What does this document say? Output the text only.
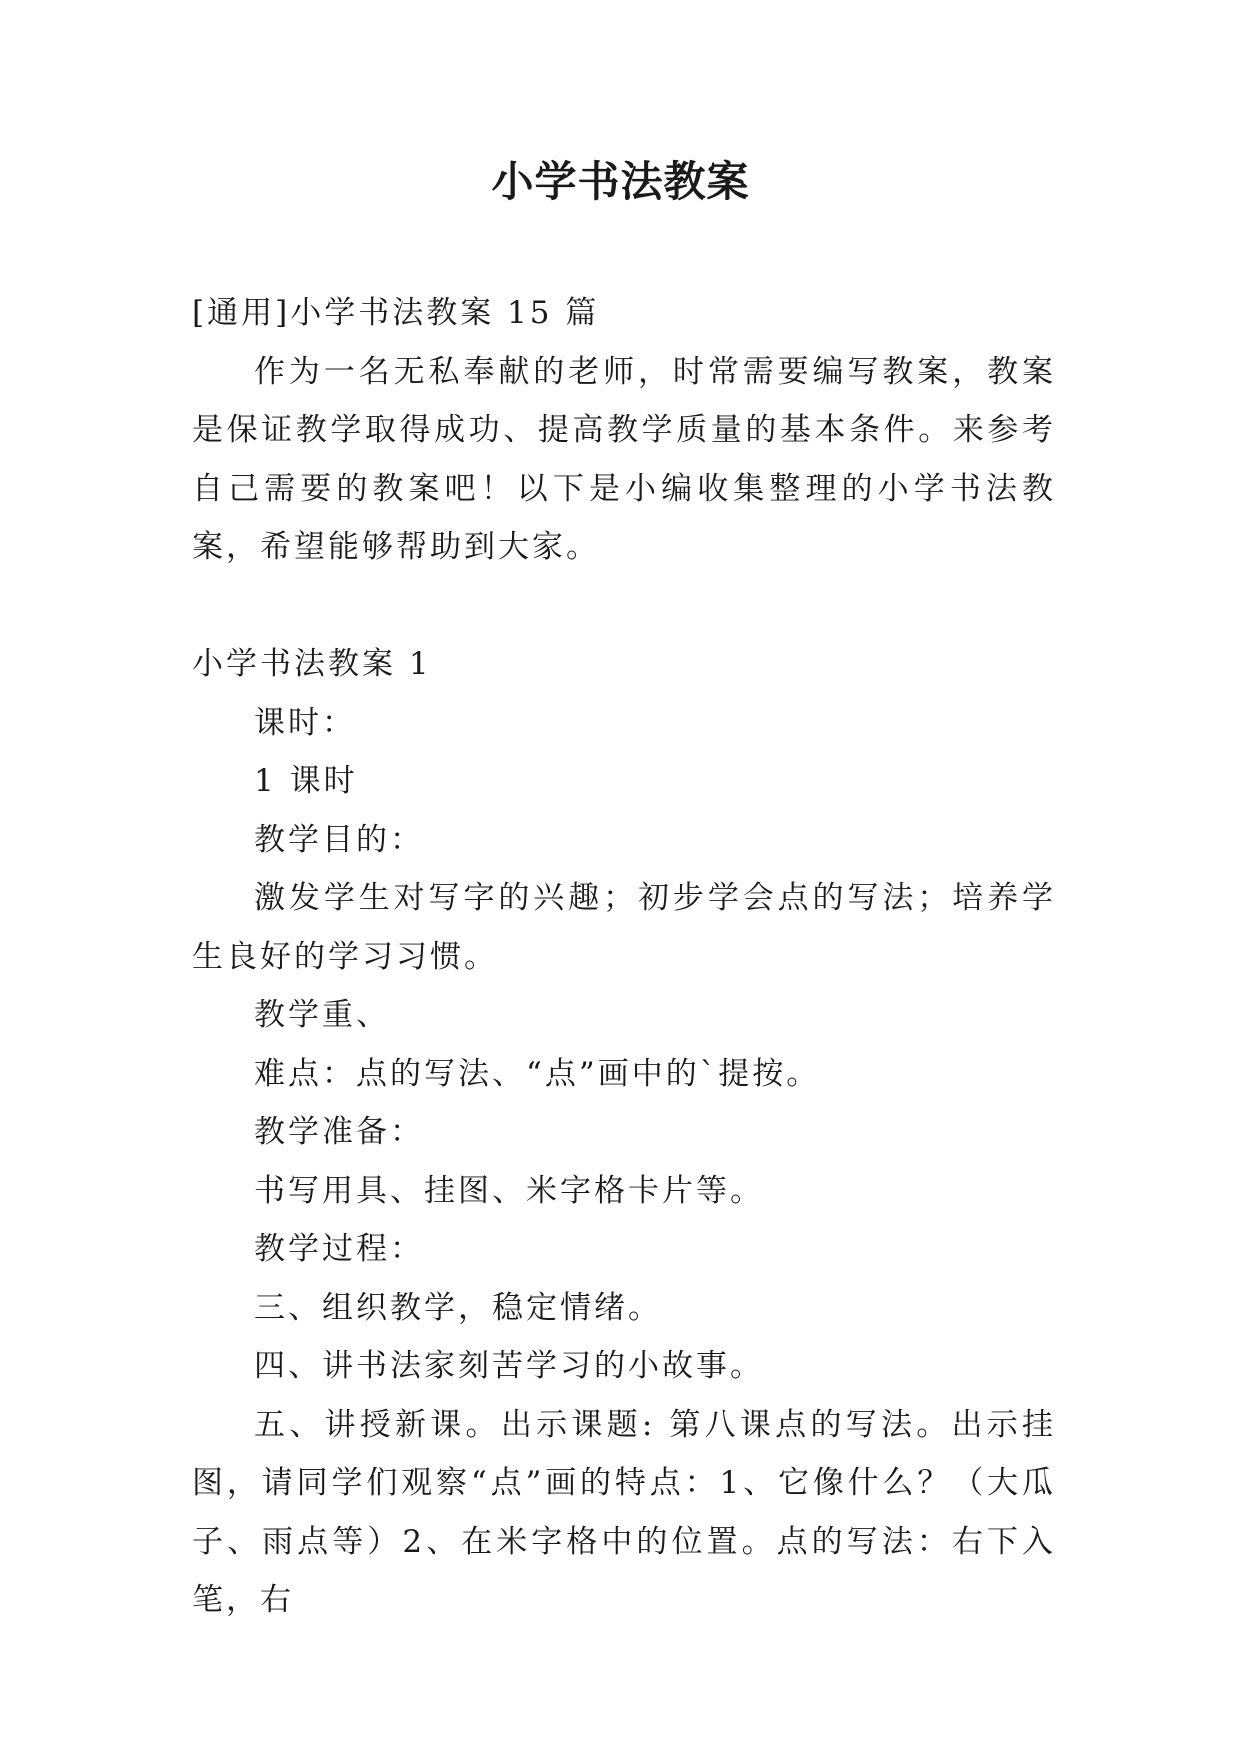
小学书法教案

[通用]小学书法教案 15 篇

作为一名无私奉献的老师，时常需要编写教案，教案是保证教学取得成功、提高教学质量的基本条件。来参考自己需要的教案吧！以下是小编收集整理的小学书法教案，希望能够帮助到大家。

小学书法教案 1

课时：

1 课时

教学目的：

激发学生对写字的兴趣；初步学会点的写法；培养学生良好的学习习惯。

教学重、

难点：点的写法、“点”画中的`提按。

教学准备：

书写用具、挂图、米字格卡片等。

教学过程：

三、组织教学，稳定情绪。

四、讲书法家刻苦学习的小故事。

五、讲授新课。出示课题: 第八课点的写法。出示挂图，请同学们观察“点”画的特点：1、它像什么？（大瓜子、雨点等）2、在米字格中的位置。点的写法：右下入笔，右
